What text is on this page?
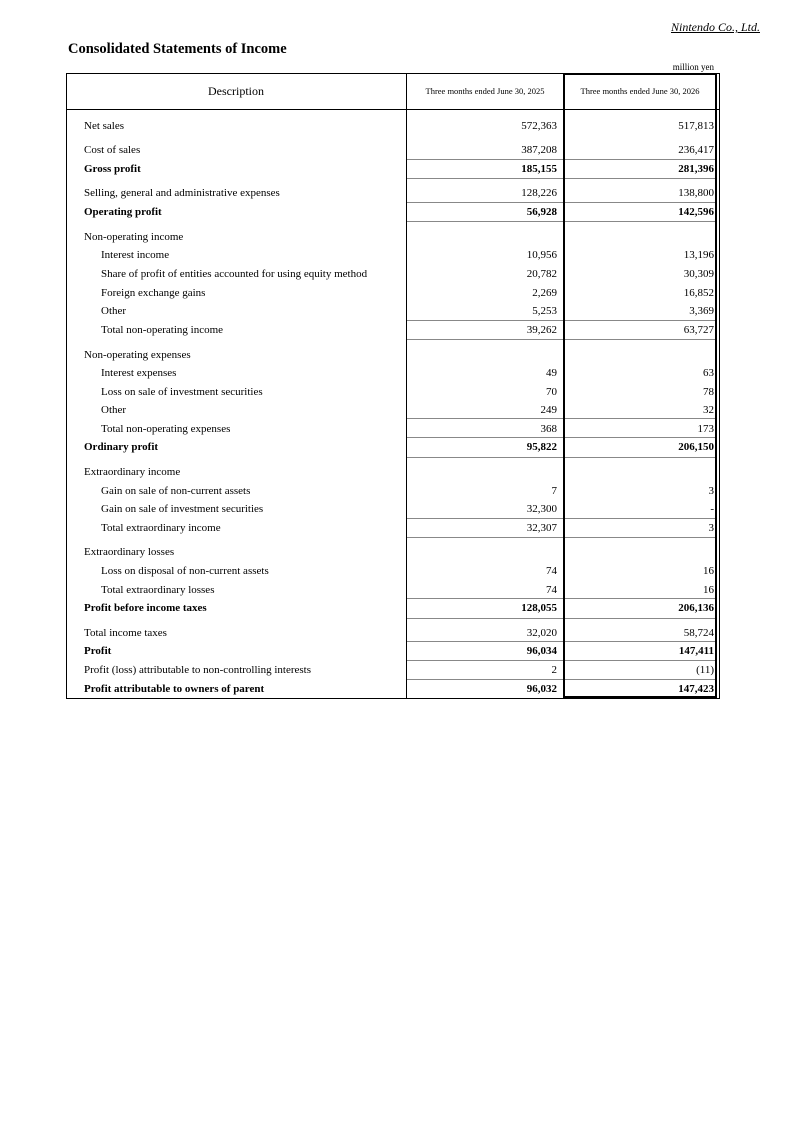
Nintendo Co., Ltd.
Consolidated Statements of Income
million yen
Description	Three months ended June 30, 2025	Three months ended June 30, 2026
Net sales	572,363	517,813
Cost of sales	387,208	236,417
Gross profit	185,155	281,396
Selling, general and administrative expenses	128,226	138,800
Operating profit	56,928	142,596
Non-operating income
Interest income	10,956	13,196
Share of profit of entities accounted for using equity method	20,782	30,309
Foreign exchange gains	2,269	16,852
Other	5,253	3,369
Total non-operating income	39,262	63,727
Non-operating expenses
Interest expenses	49	63
Loss on sale of investment securities	70	78
Other	249	32
Total non-operating expenses	368	173
Ordinary profit	95,822	206,150
Extraordinary income
Gain on sale of non-current assets	7	3
Gain on sale of investment securities	32,300	-
Total extraordinary income	32,307	3
Extraordinary losses
Loss on disposal of non-current assets	74	16
Total extraordinary losses	74	16
Profit before income taxes	128,055	206,136
Total income taxes	32,020	58,724
Profit	96,034	147,411
Profit (loss) attributable to non-controlling interests	2	(11)
Profit attributable to owners of parent	96,032	147,423
